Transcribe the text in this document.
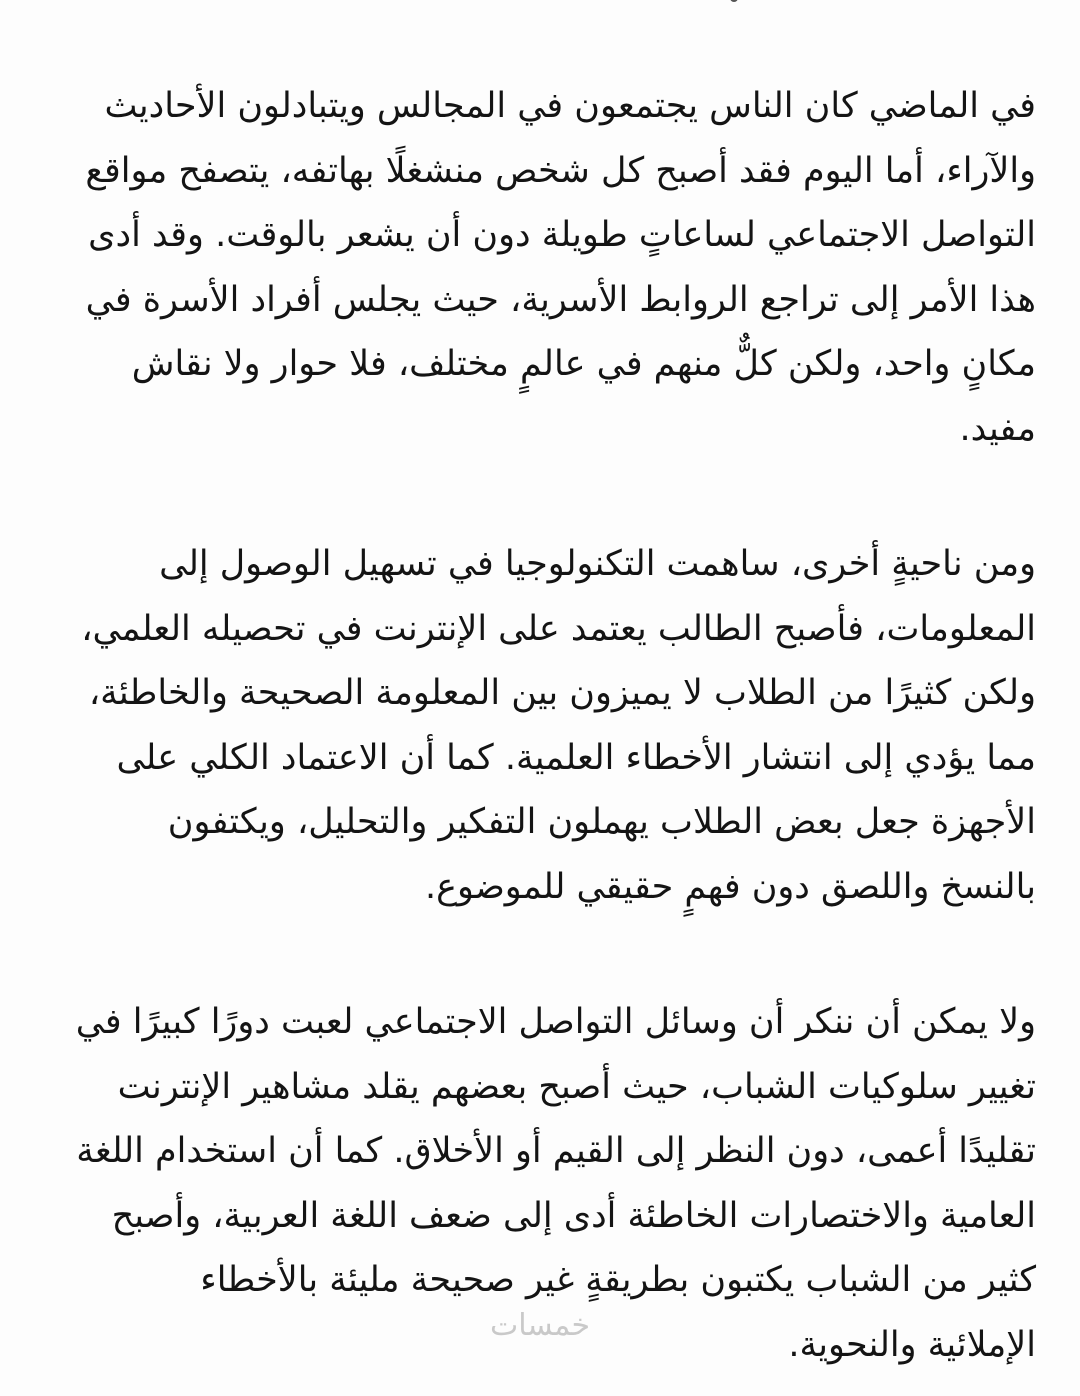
في الماضي كان الناس يجتمعون في المجالس ويتبادلون الأحاديث
والآراء، أما اليوم فقد أصبح كل شخص منشغلًا بهاتفه، يتصفح مواقع
التواصل الاجتماعي لساعاتٍ طويلة دون أن يشعر بالوقت. وقد أدى
هذا الأمر إلى تراجع الروابط الأسرية، حيث يجلس أفراد الأسرة في
مكانٍ واحد، ولكن كلٌّ منهم في عالمٍ مختلف، فلا حوار ولا نقاش
مفيد.

ومن ناحيةٍ أخرى، ساهمت التكنولوجيا في تسهيل الوصول إلى
المعلومات، فأصبح الطالب يعتمد على الإنترنت في تحصيله العلمي،
ولكن كثيرًا من الطلاب لا يميزون بين المعلومة الصحيحة والخاطئة،
مما يؤدي إلى انتشار الأخطاء العلمية. كما أن الاعتماد الكلي على
الأجهزة جعل بعض الطلاب يهملون التفكير والتحليل، ويكتفون
بالنسخ واللصق دون فهمٍ حقيقي للموضوع.

ولا يمكن أن ننكر أن وسائل التواصل الاجتماعي لعبت دورًا كبيرًا في
تغيير سلوكيات الشباب، حيث أصبح بعضهم يقلد مشاهير الإنترنت
تقليدًا أعمى، دون النظر إلى القيم أو الأخلاق. كما أن استخدام اللغة
العامية والاختصارات الخاطئة أدى إلى ضعف اللغة العربية، وأصبح
كثير من الشباب يكتبون بطريقةٍ غير صحيحة مليئة بالأخطاء
الإملائية والنحوية.

خمسات
